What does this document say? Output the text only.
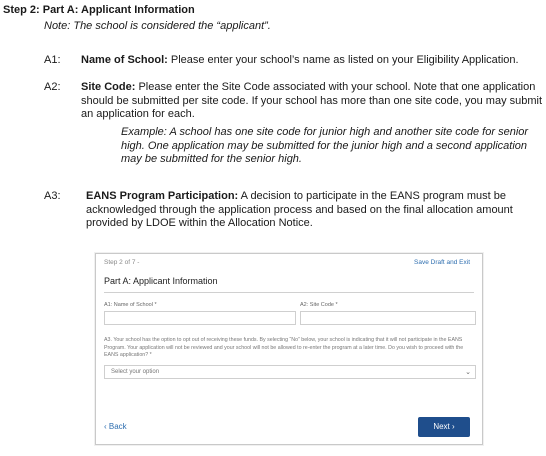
Step 2: Part A: Applicant Information
Note: The school is considered the “applicant”.
A1: Name of School: Please enter your school’s name as listed on your Eligibility Application.
A2: Site Code: Please enter the Site Code associated with your school. Note that one application should be submitted per site code. If your school has more than one site code, you may submit an application for each.
Example: A school has one site code for junior high and another site code for senior high. One application may be submitted for the junior high and a second application may be submitted for the senior high.
A3: EANS Program Participation: A decision to participate in the EANS program must be acknowledged through the application process and based on the final allocation amount provided by LDOE within the Allocation Notice.
Step 2 of 7 -	Save Draft and Exit
Part A: Applicant Information
A1: Name of School *	A2: Site Code *
A3. Your school has the option to opt out of receiving these funds. By selecting “No” below, your school is indicating that it will not participate in the EANS Program. Your application will not be reviewed and your school will not be allowed to re-enter the program at a later time. Do you wish to proceed with the EANS application? *
Select your option	⌄
‹ Back	Next ›
